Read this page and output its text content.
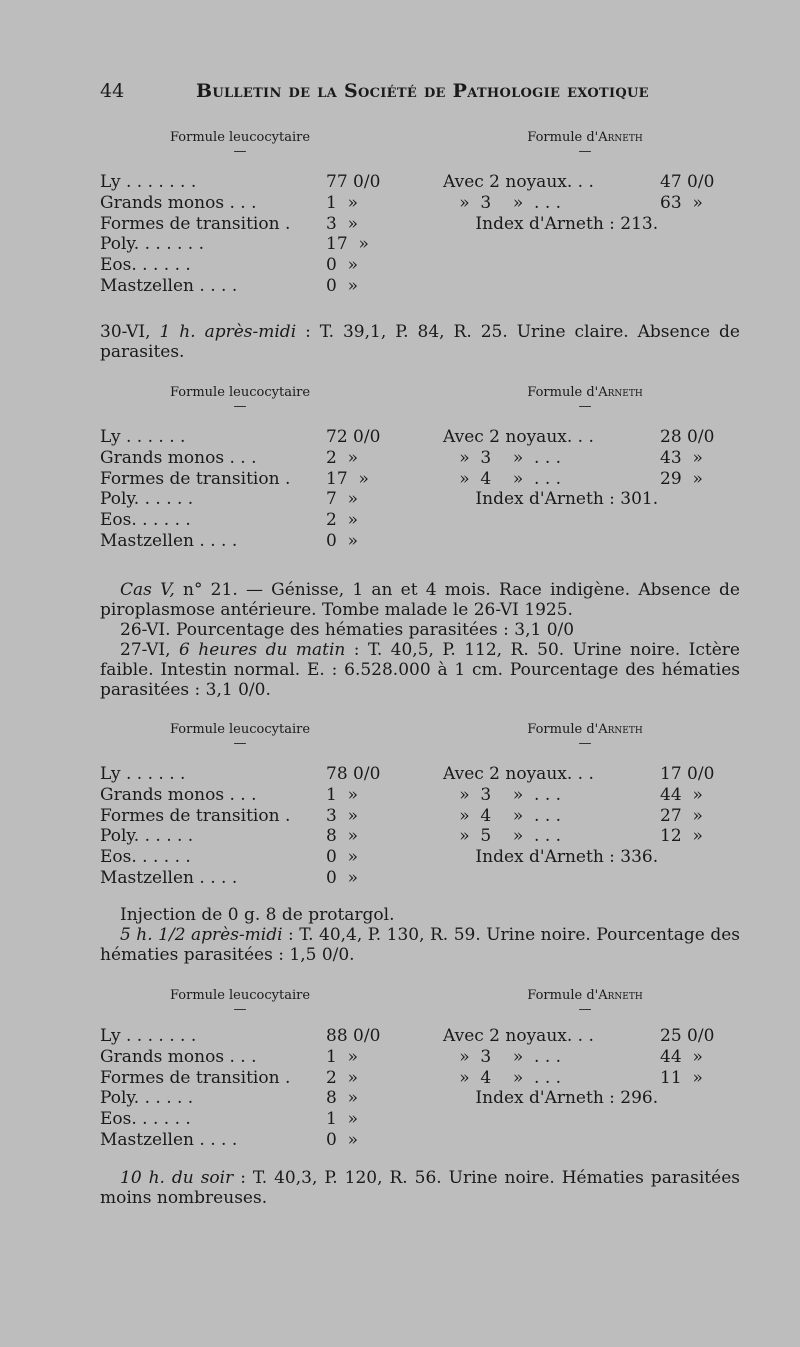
44	Bulletin de la Société de Pathologie exotique
Formule leucocytaire
—
Formule d'Arneth
—
Ly . . . . . . .	77 0/0
Grands monos . . .	1  »
Formes de transition . 3  »
Poly. . . . . . .	17  »
Eos. . . . . .	0  »
Mastzellen . . . .	0  »
Avec 2 noyaux. . .	47 0/0
»  3    »  . . .	63  »
Index d'Arneth : 213.
30-VI, 1 h. après-midi : T. 39,1, P. 84, R. 25. Urine claire. Absence de parasites.
Formule leucocytaire
—
Formule d'Arneth
—
Ly . . . . . .	72 0/0
Grands monos . . .	2  »
Formes de transition . 17  »
Poly. . . . . .	7  »
Eos. . . . . .	2  »
Mastzellen . . . .	0  »
Avec 2 noyaux. . .	28 0/0
»  3    »  . . .	43  »
»  4    »  . . .	29  »
Index d'Arneth : 301.
Cas V, n° 21. — Génisse, 1 an et 4 mois. Race indigène. Absence de piroplasmose antérieure. Tombe malade le 26-VI 1925.
26-VI. Pourcentage des hématies parasitées : 3,1 0/0
27-VI, 6 heures du matin : T. 40,5, P. 112, R. 50. Urine noire. Ictère faible. Intestin normal. E. : 6.528.000 à 1 cm. Pourcentage des hématies parasitées : 3,1 0/0.
Formule leucocytaire
—
Formule d'Arneth
—
Ly . . . . . .	78 0/0
Grands monos . . .	1  »
Formes de transition . 3  »
Poly. . . . . .	8  »
Eos. . . . . .	0  »
Mastzellen . . . .	0  »
Avec 2 noyaux. . .	17 0/0
»  3    »  . . .	44  »
»  4    »  . . .	27  »
»  5    »  . . .	12  »
Index d'Arneth : 336.
Injection de 0 g. 8 de protargol.
5 h. 1/2 après-midi : T. 40,4, P. 130, R. 59. Urine noire. Pourcentage des hématies parasitées : 1,5 0/0.
Formule leucocytaire
—
Formule d'Arneth
—
Ly . . . . . . .	88 0/0
Grands monos . . .	1  »
Formes de transition . 2  »
Poly. . . . . .	8  »
Eos. . . . . .	1  »
Mastzellen . . . .	0  »
Avec 2 noyaux. . .	25 0/0
»  3    »  . . .	44  »
»  4    »  . . .	11  »
Index d'Arneth : 296.
10 h. du soir : T. 40,3, P. 120, R. 56. Urine noire. Hématies parasitées moins nombreuses.
